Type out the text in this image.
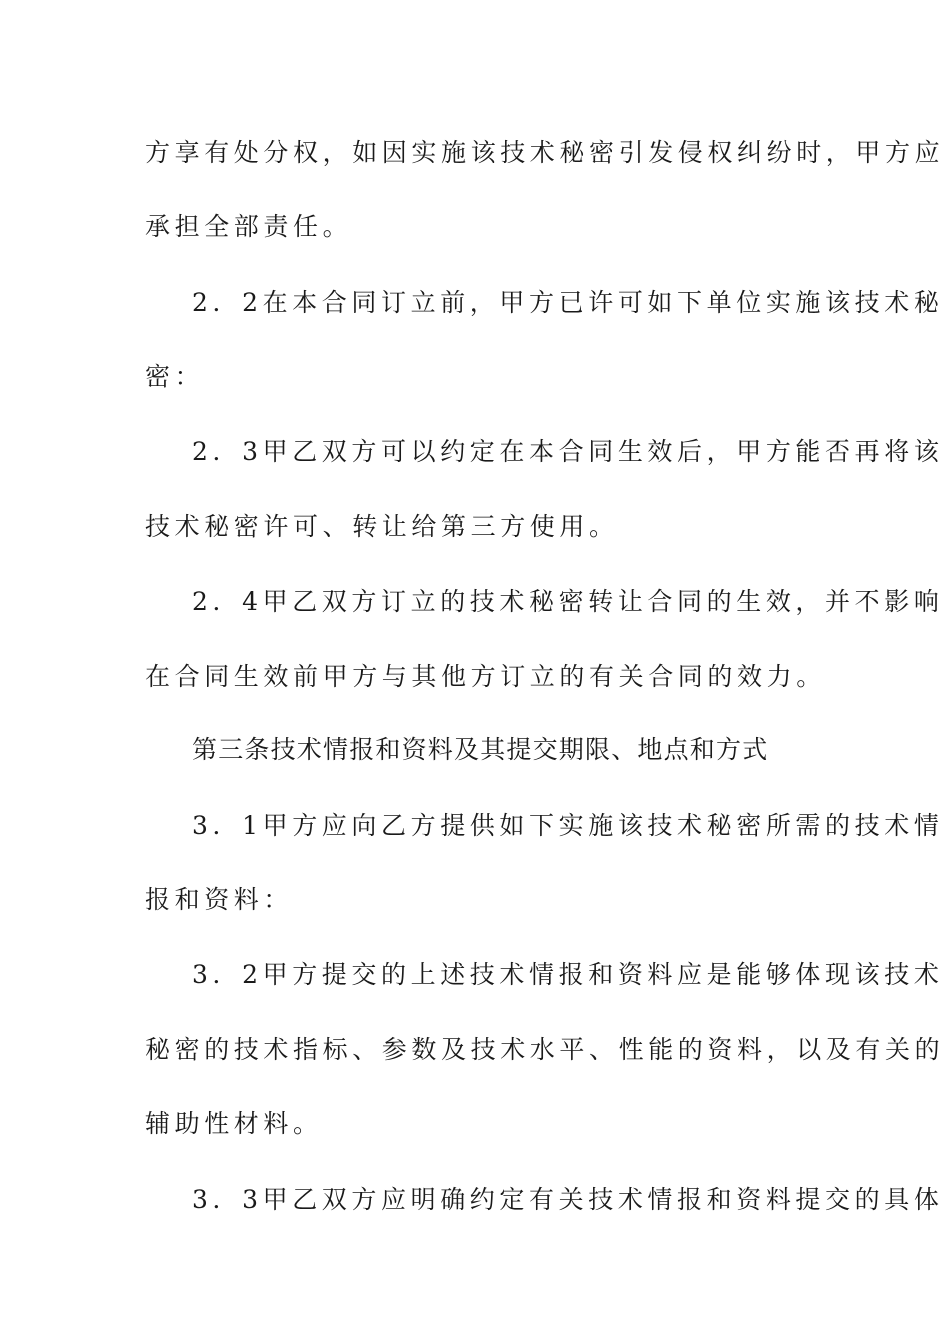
方享有处分权，如因实施该技术秘密引发侵权纠纷时，甲方应
承担全部责任。
2．2在本合同订立前，甲方已许可如下单位实施该技术秘
密：
2．3甲乙双方可以约定在本合同生效后，甲方能否再将该
技术秘密许可、转让给第三方使用。
2．4甲乙双方订立的技术秘密转让合同的生效，并不影响
在合同生效前甲方与其他方订立的有关合同的效力。
第三条技术情报和资料及其提交期限、地点和方式
3．1甲方应向乙方提供如下实施该技术秘密所需的技术情
报和资料：
3．2甲方提交的上述技术情报和资料应是能够体现该技术
秘密的技术指标、参数及技术水平、性能的资料，以及有关的
辅助性材料。
3．3甲乙双方应明确约定有关技术情报和资料提交的具体
